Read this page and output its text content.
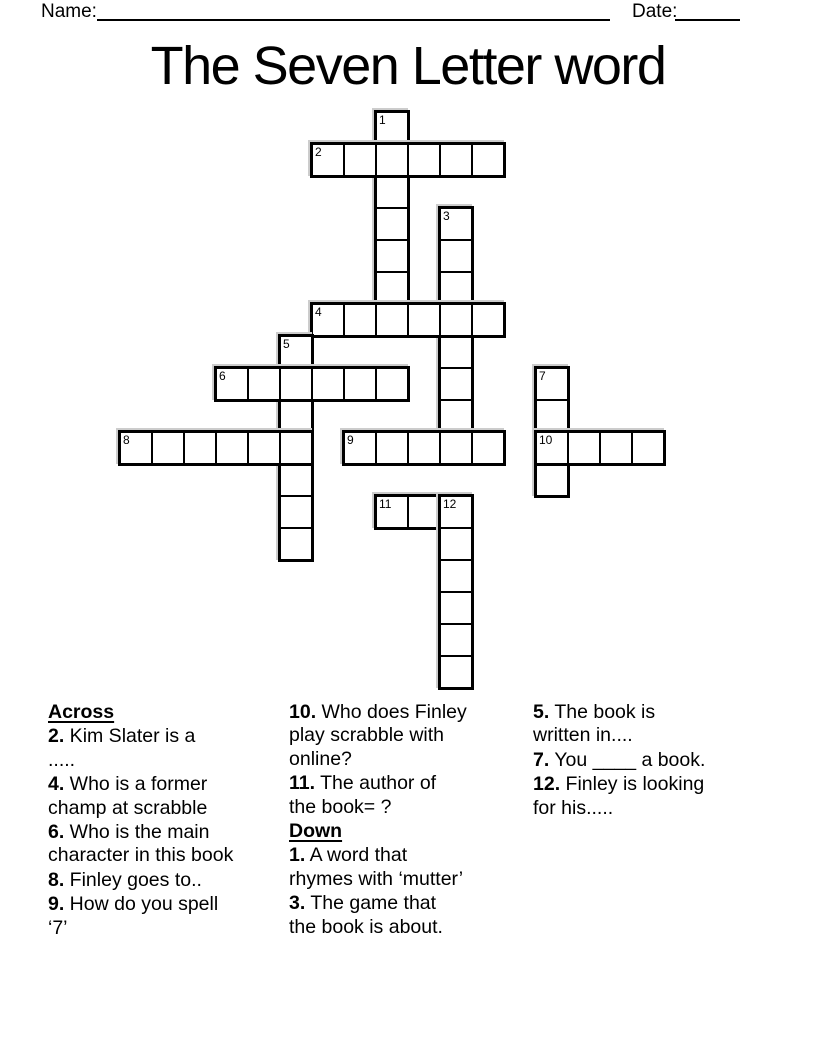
Name:	Date:
The Seven Letter word
1
2
3
4
5
6	7
8	9	10
11	12
Across
2. Kim Slater is a
.....
4. Who is a former
champ at scrabble
6. Who is the main
character in this book
8. Finley goes to..
9. How do you spell
‘7’
10. Who does Finley
play scrabble with
online?
11. The author of
the book= ?
Down
1. A word that
rhymes with ‘mutter’
3. The game that
the book is about.
5. The book is
written in....
7. You ____ a book.
12. Finley is looking
for his.....
